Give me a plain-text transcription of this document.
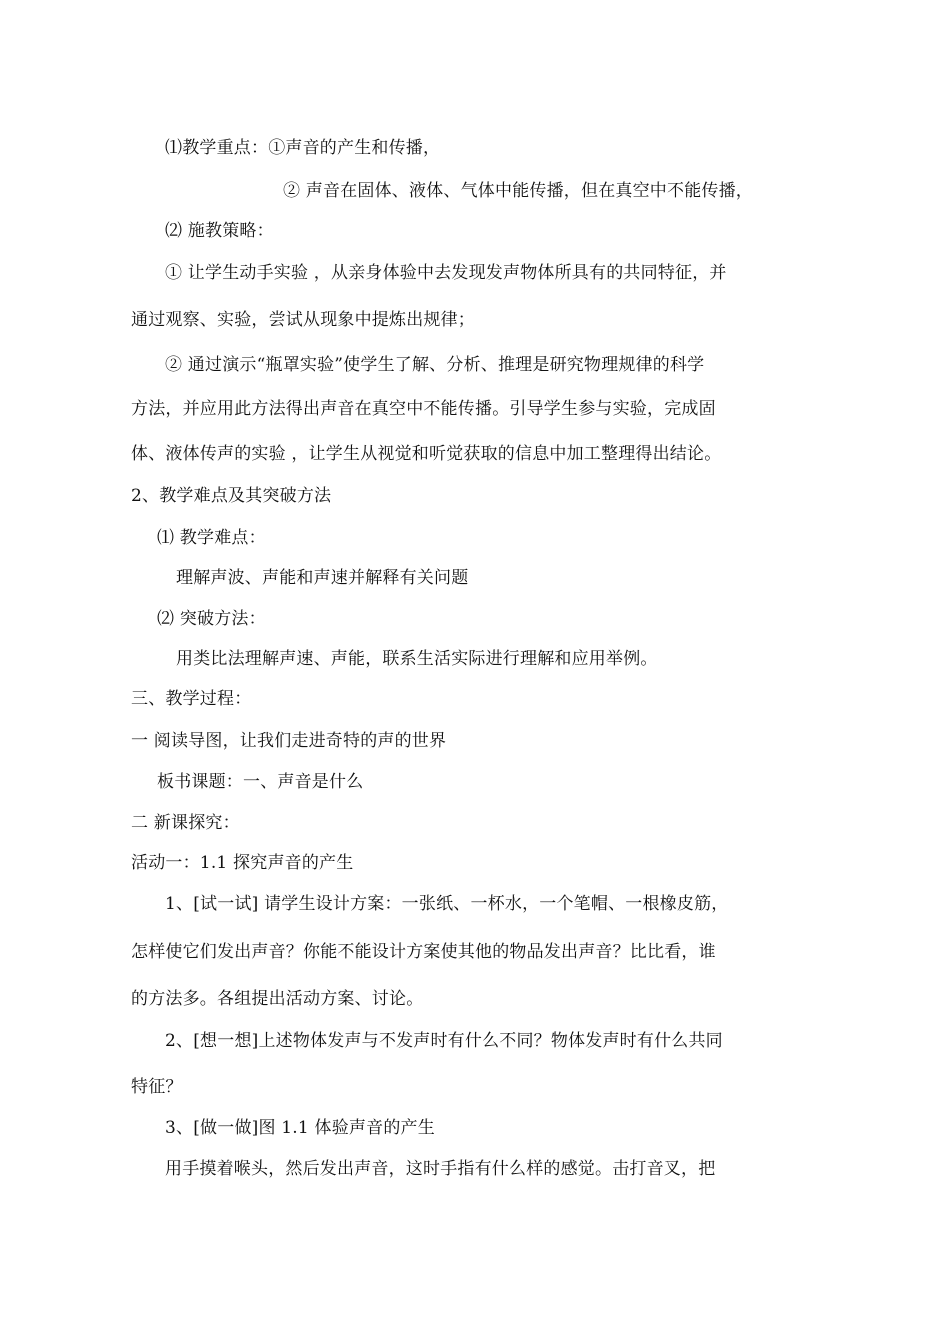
⑴教学重点：①声音的产生和传播，
② 声音在固体、液体、气体中能传播，但在真空中不能传播，
⑵ 施教策略：
① 让学生动手实验 ，从亲身体验中去发现发声物体所具有的共同特征，并
通过观察、实验，尝试从现象中提炼出规律；
② 通过演示“瓶罩实验”使学生了解、分析、推理是研究物理规律的科学
方法，并应用此方法得出声音在真空中不能传播。引导学生参与实验，完成固
体、液体传声的实验 ，让学生从视觉和听觉获取的信息中加工整理得出结论。
2、教学难点及其突破方法
⑴ 教学难点：
理解声波、声能和声速并解释有关问题
⑵ 突破方法：
用类比法理解声速、声能，联系生活实际进行理解和应用举例。
三、教学过程：
一 阅读导图，让我们走进奇特的声的世界
板书课题：一、声音是什么
二 新课探究：
活动一：1.1 探究声音的产生
1、[试一试] 请学生设计方案：一张纸、一杯水，一个笔帽、一根橡皮筋，
怎样使它们发出声音？你能不能设计方案使其他的物品发出声音？比比看，谁
的方法多。各组提出活动方案、讨论。
2、[想一想]上述物体发声与不发声时有什么不同？物体发声时有什么共同
特征？
3、[做一做]图 1.1 体验声音的产生
用手摸着喉头，然后发出声音，这时手指有什么样的感觉。击打音叉，把
